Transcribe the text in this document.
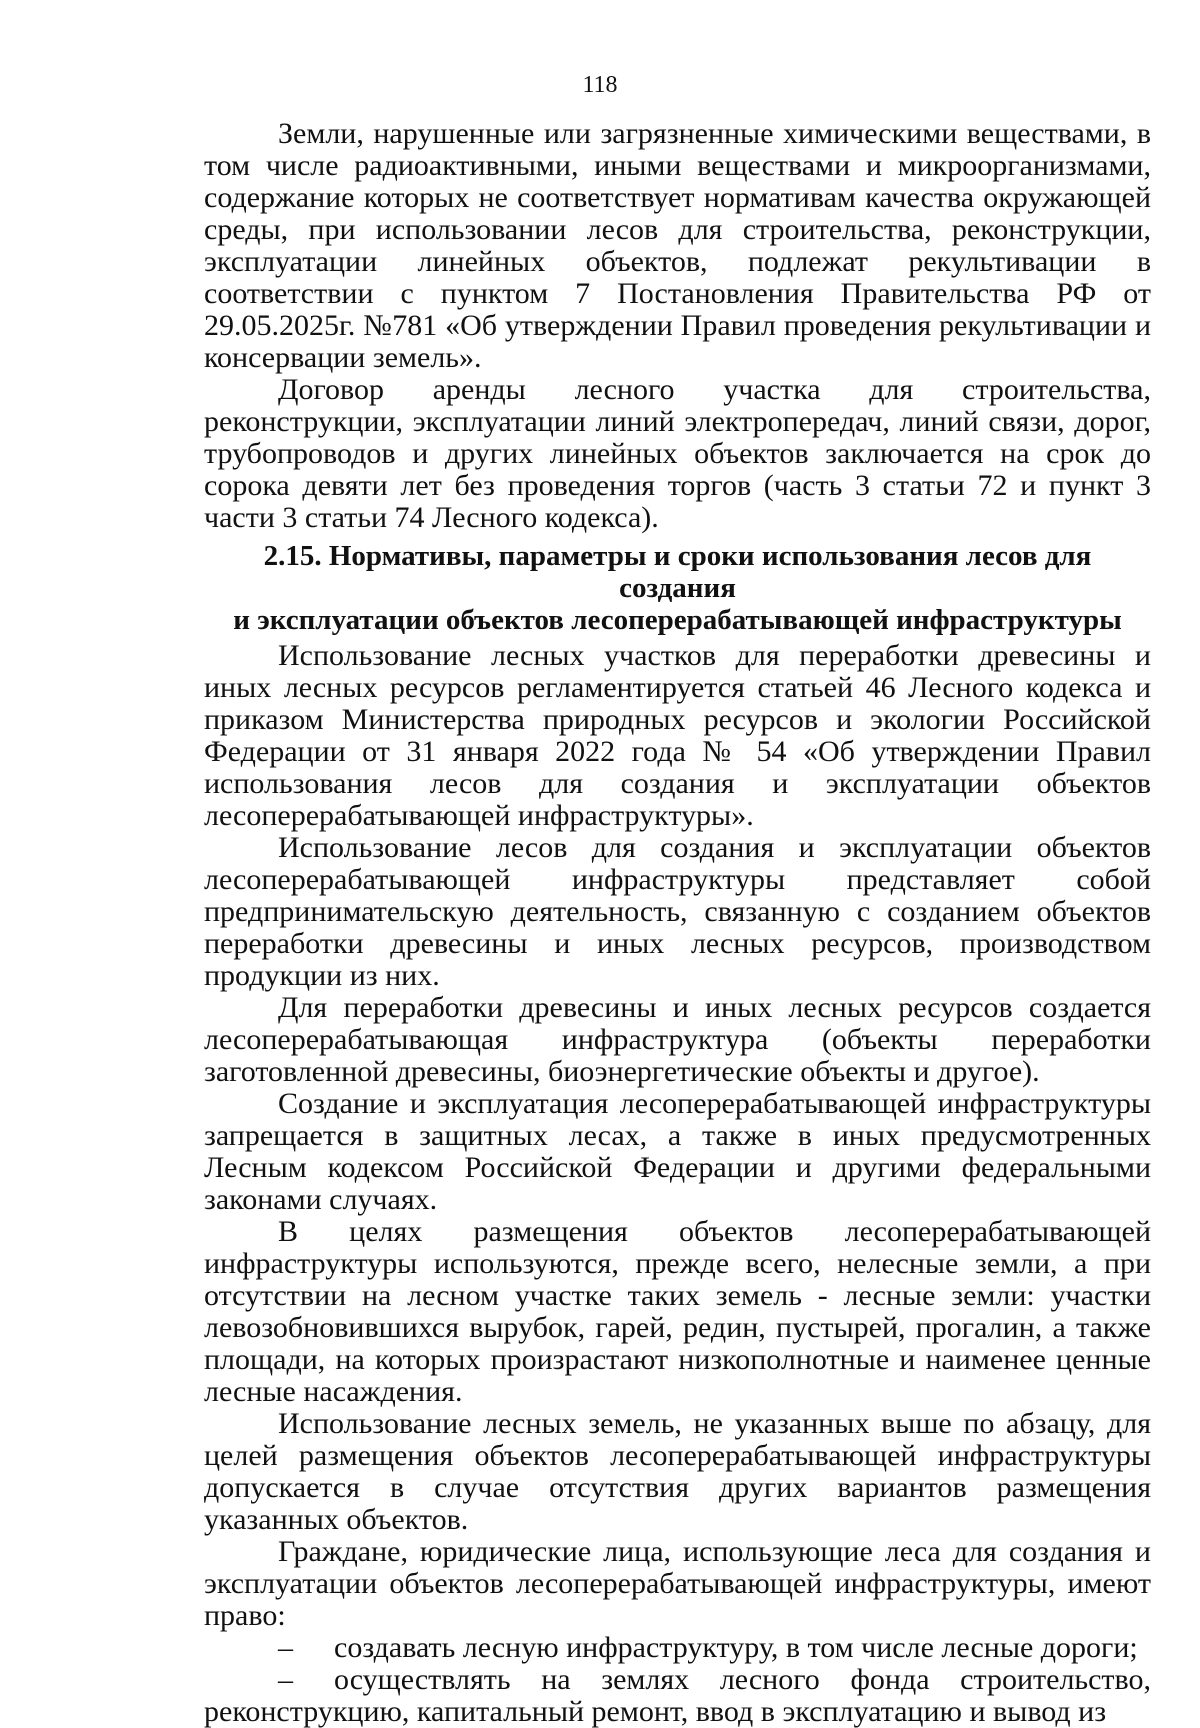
118

Земли, нарушенные или загрязненные химическими веществами, в том числе радиоактивными, иными веществами и микроорганизмами, содержание которых не соответствует нормативам качества окружающей среды, при использовании лесов для строительства, реконструкции, эксплуатации линейных объектов, подлежат рекультивации в соответствии с пунктом 7 Постановления Правительства РФ от 29.05.2025г. №781 «Об утверждении Правил проведения рекультивации и консервации земель».

Договор аренды лесного участка для строительства, реконструкции, эксплуатации линий электропередач, линий связи, дорог, трубопроводов и других линейных объектов заключается на срок до сорока девяти лет без проведения торгов (часть 3 статьи 72 и пункт 3 части 3 статьи 74 Лесного кодекса).

2.15. Нормативы, параметры и сроки использования лесов для создания
и эксплуатации объектов лесоперерабатывающей инфраструктуры

Использование лесных участков для переработки древесины и иных лесных ресурсов регламентируется статьей 46 Лесного кодекса и приказом Министерства природных ресурсов и экологии Российской Федерации от 31 января 2022 года № 54 «Об утверждении Правил использования лесов для создания и эксплуатации объектов лесоперерабатывающей инфраструктуры».

Использование лесов для создания и эксплуатации объектов лесоперерабатывающей инфраструктуры представляет собой предпринимательскую деятельность, связанную с созданием объектов переработки древесины и иных лесных ресурсов, производством продукции из них.

Для переработки древесины и иных лесных ресурсов создается лесоперерабатывающая инфраструктура (объекты переработки заготовленной древесины, биоэнергетические объекты и другое).

Создание и эксплуатация лесоперерабатывающей инфраструктуры запрещается в защитных лесах, а также в иных предусмотренных Лесным кодексом Российской Федерации и другими федеральными законами случаях.

В целях размещения объектов лесоперерабатывающей инфраструктуры используются, прежде всего, нелесные земли, а при отсутствии на лесном участке таких земель - лесные земли: участки левозобновившихся вырубок, гарей, редин, пустырей, прогалин, а также площади, на которых произрастают низкополнотные и наименее ценные лесные насаждения.

Использование лесных земель, не указанных выше по абзацу, для целей размещения объектов лесоперерабатывающей инфраструктуры допускается в случае отсутствия других вариантов размещения указанных объектов.

Граждане, юридические лица, использующие леса для создания и эксплуатации объектов лесоперерабатывающей инфраструктуры, имеют право:

– создавать лесную инфраструктуру, в том числе лесные дороги;

– осуществлять на землях лесного фонда строительство, реконструкцию, капитальный ремонт, ввод в эксплуатацию и вывод из
